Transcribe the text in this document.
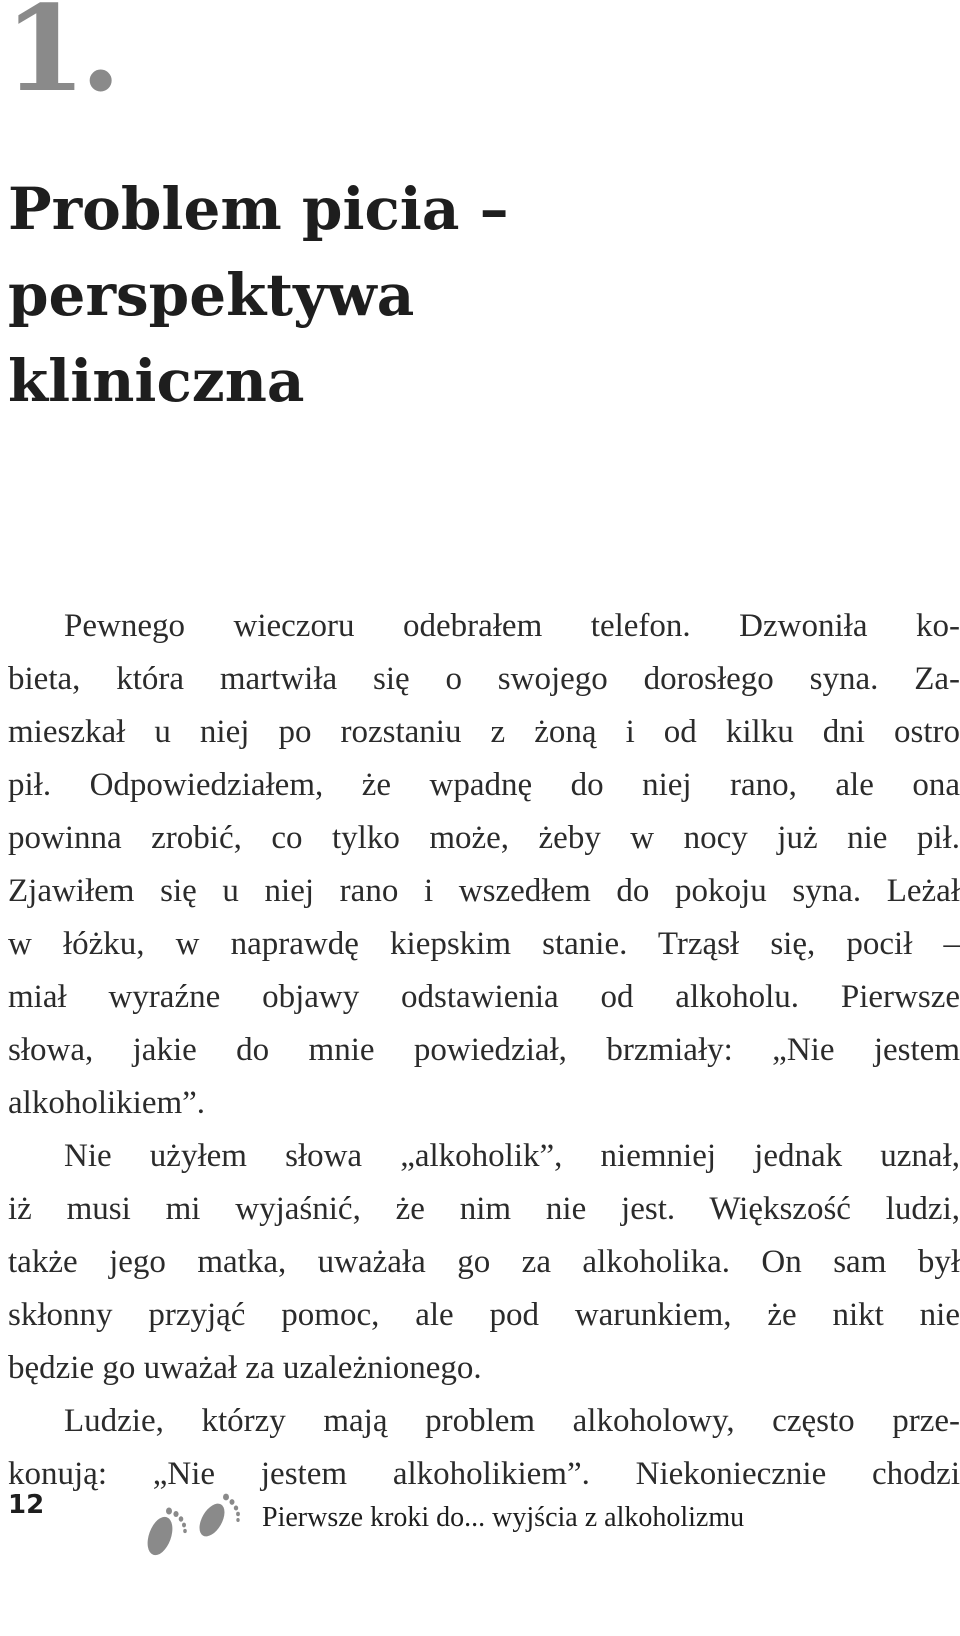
1.
Problem picia – perspektywa
kliniczna
Pewnego wieczoru odebrałem telefon. Dzwoniła ko-
bieta, która martwiła się o swojego dorosłego syna. Za-
mieszkał u niej po rozstaniu z żoną i od kilku dni ostro
pił. Odpowiedziałem, że wpadnę do niej rano, ale ona
powinna zrobić, co tylko może, żeby w nocy już nie pił.
Zjawiłem się u niej rano i wszedłem do pokoju syna. Leżał
w łóżku, w naprawdę kiepskim stanie. Trząsł się, pocił –
miał wyraźne objawy odstawienia od alkoholu. Pierwsze
słowa, jakie do mnie powiedział, brzmiały: „Nie jestem
alkoholikiem”.
Nie użyłem słowa „alkoholik”, niemniej jednak uznał,
iż musi mi wyjaśnić, że nim nie jest. Większość ludzi,
także jego matka, uważała go za alkoholika. On sam był
skłonny przyjąć pomoc, ale pod warunkiem, że nikt nie
będzie go uważał za uzależnionego.
Ludzie, którzy mają problem alkoholowy, często prze-
konują: „Nie jestem alkoholikiem”. Niekoniecznie chodzi
12	Pierwsze kroki do... wyjścia z alkoholizmu
